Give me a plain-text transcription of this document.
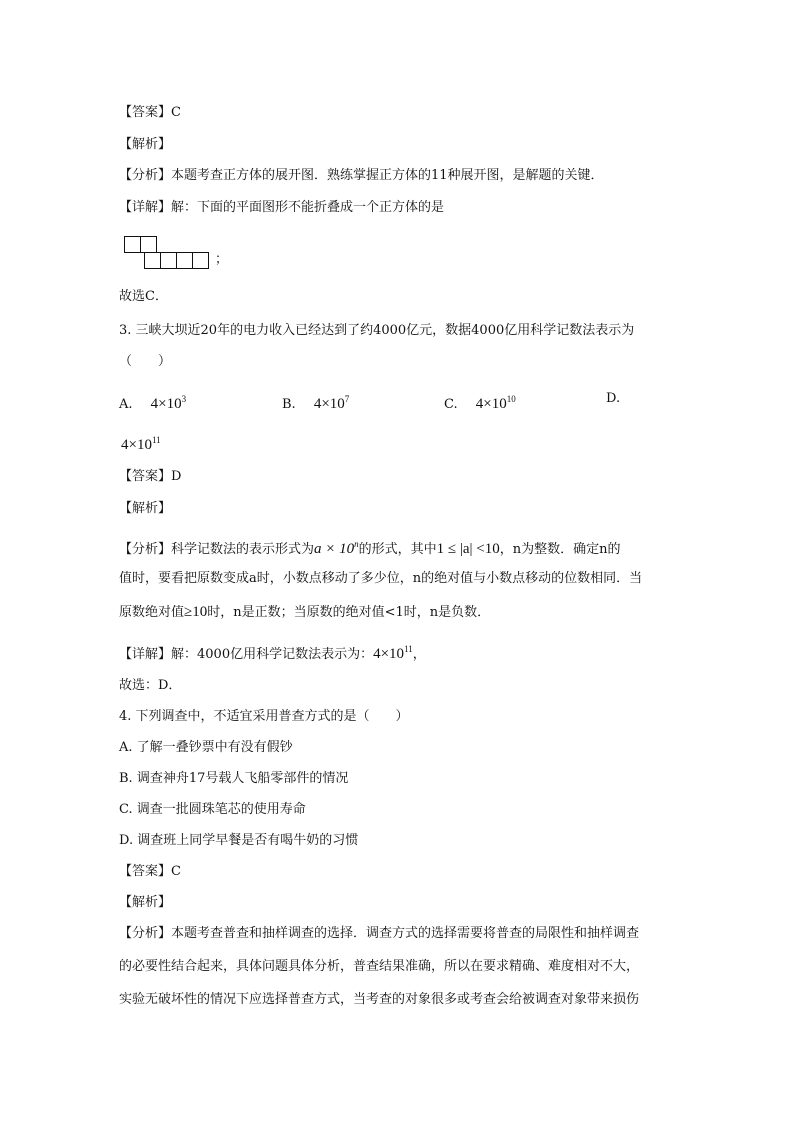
【答案】C
【解析】
【分析】本题考查正方体的展开图．熟练掌握正方体的11种展开图，是解题的关键．
【详解】解：下面的平面图形不能折叠成一个正方体的是
；
故选C．
3. 三峡大坝近20年的电力收入已经达到了约4000亿元，数据4000亿用科学记数法表示为
（　　）
A. $4\times 10^3$	B. $4\times 10^7$	C. $4\times 10^{10}$	D.
$4\times 10^{11}$
【答案】D
【解析】
【分析】科学记数法的表示形式为$a \times 10^n$的形式，其中1 ≤ |a| <10，n为整数．确定n的
值时，要看把原数变成a时，小数点移动了多少位，n的绝对值与小数点移动的位数相同．当
原数绝对值≥10时，n是正数；当原数的绝对值<1时，n是负数．
【详解】解：4000亿用科学记数法表示为：$4\times 10^{11}$，
故选：D．
4. 下列调查中，不适宜采用普查方式的是（　　）
A. 了解一叠钞票中有没有假钞
B. 调查神舟17号载人飞船零部件的情况
C. 调查一批圆珠笔芯的使用寿命
D. 调查班上同学早餐是否有喝牛奶的习惯
【答案】C
【解析】
【分析】本题考查普查和抽样调查的选择．调查方式的选择需要将普查的局限性和抽样调查
的必要性结合起来，具体问题具体分析，普查结果准确，所以在要求精确、难度相对不大，
实验无破坏性的情况下应选择普查方式，当考查的对象很多或考查会给被调查对象带来损伤
